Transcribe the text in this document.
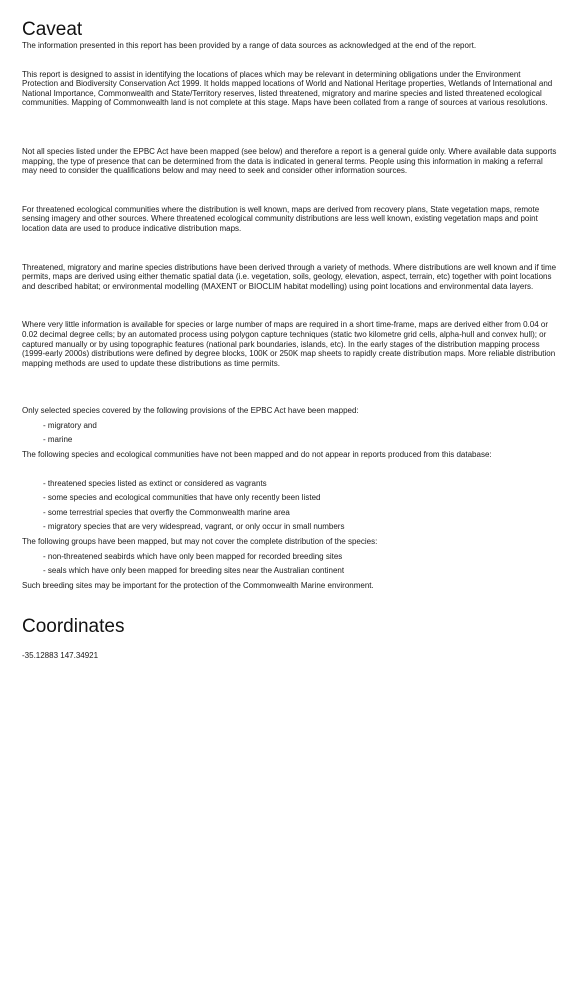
Caveat

The information presented in this report has been provided by a range of data sources as acknowledged at the end of the report.

This report is designed to assist in identifying the locations of places which may be relevant in determining obligations under the Environment Protection and Biodiversity Conservation Act 1999. It holds mapped locations of World and National Heritage properties, Wetlands of International and National Importance, Commonwealth and State/Territory reserves, listed threatened, migratory and marine species and listed threatened ecological communities. Mapping of Commonwealth land is not complete at this stage. Maps have been collated from a range of sources at various resolutions.

Not all species listed under the EPBC Act have been mapped (see below) and therefore a report is a general guide only. Where available data supports mapping, the type of presence that can be determined from the data is indicated in general terms. People using this information in making a referral may need to consider the qualifications below and may need to seek and consider other information sources.

For threatened ecological communities where the distribution is well known, maps are derived from recovery plans, State vegetation maps, remote sensing imagery and other sources. Where threatened ecological community distributions are less well known, existing vegetation maps and point location data are used to produce indicative distribution maps.

Threatened, migratory and marine species distributions have been derived through a variety of methods. Where distributions are well known and if time permits, maps are derived using either thematic spatial data (i.e. vegetation, soils, geology, elevation, aspect, terrain, etc) together with point locations and described habitat; or environmental modelling (MAXENT or BIOCLIM habitat modelling) using point locations and environmental data layers.

Where very little information is available for species or large number of maps are required in a short time-frame, maps are derived either from 0.04 or 0.02 decimal degree cells; by an automated process using polygon capture techniques (static two kilometre grid cells, alpha-hull and convex hull); or captured manually or by using topographic features (national park boundaries, islands, etc). In the early stages of the distribution mapping process (1999-early 2000s) distributions were defined by degree blocks, 100K or 250K map sheets to rapidly create distribution maps. More reliable distribution mapping methods are used to update these distributions as time permits.

Only selected species covered by the following provisions of the EPBC Act have been mapped:

- migratory and
- marine

The following species and ecological communities have not been mapped and do not appear in reports produced from this database:

- threatened species listed as extinct or considered as vagrants
- some species and ecological communities that have only recently been listed
- some terrestrial species that overfly the Commonwealth marine area
- migratory species that are very widespread, vagrant, or only occur in small numbers

The following groups have been mapped, but may not cover the complete distribution of the species:

- non-threatened seabirds which have only been mapped for recorded breeding sites
- seals which have only been mapped for breeding sites near the Australian continent

Such breeding sites may be important for the protection of the Commonwealth Marine environment.

Coordinates
-35.12883 147.34921
